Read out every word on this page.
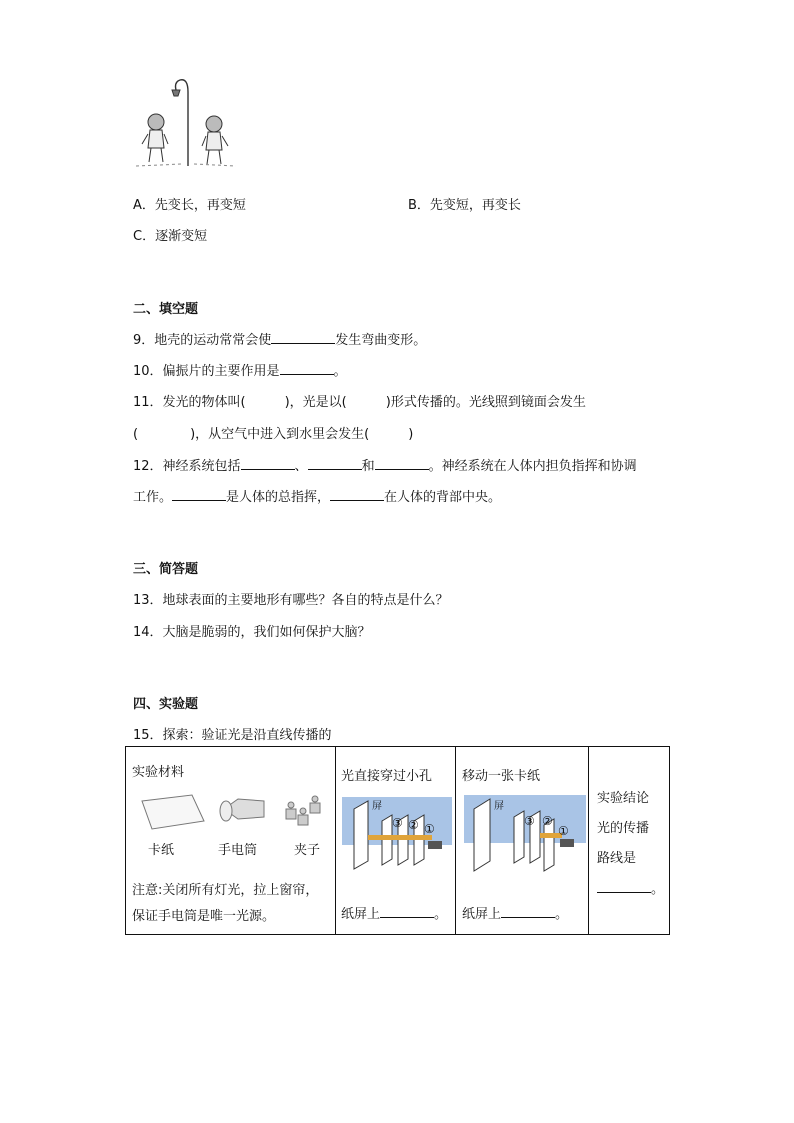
A．先变长，再变短	B．先变短，再变长
C．逐渐变短
二、填空题
9．地壳的运动常常会使	发生弯曲变形。
10．偏振片的主要作用是	。
11．发光的物体叫(　　　)，光是以(　　　)形式传播的。光线照到镜面会发生
(　　　　)，从空气中进入到水里会发生(　　　)
12．神经系统包括	、	和	。神经系统在人体内担负指挥和协调
工作。	是人体的总指挥，	在人体的背部中央。
三、简答题
13．地球表面的主要地形有哪些？各自的特点是什么？
14．大脑是脆弱的，我们如何保护大脑？
四、实验题
15．探索：验证光是沿直线传播的
实验材料
卡纸	手电筒	夹子
注意:关闭所有灯光，拉上窗帘，
保证手电筒是唯一光源。

光直接穿过小孔
屏
③ ② ①
纸屏上	。

移动一张卡纸
屏
③ ②
①
纸屏上	。

实验结论
光的传播
路线是
。
